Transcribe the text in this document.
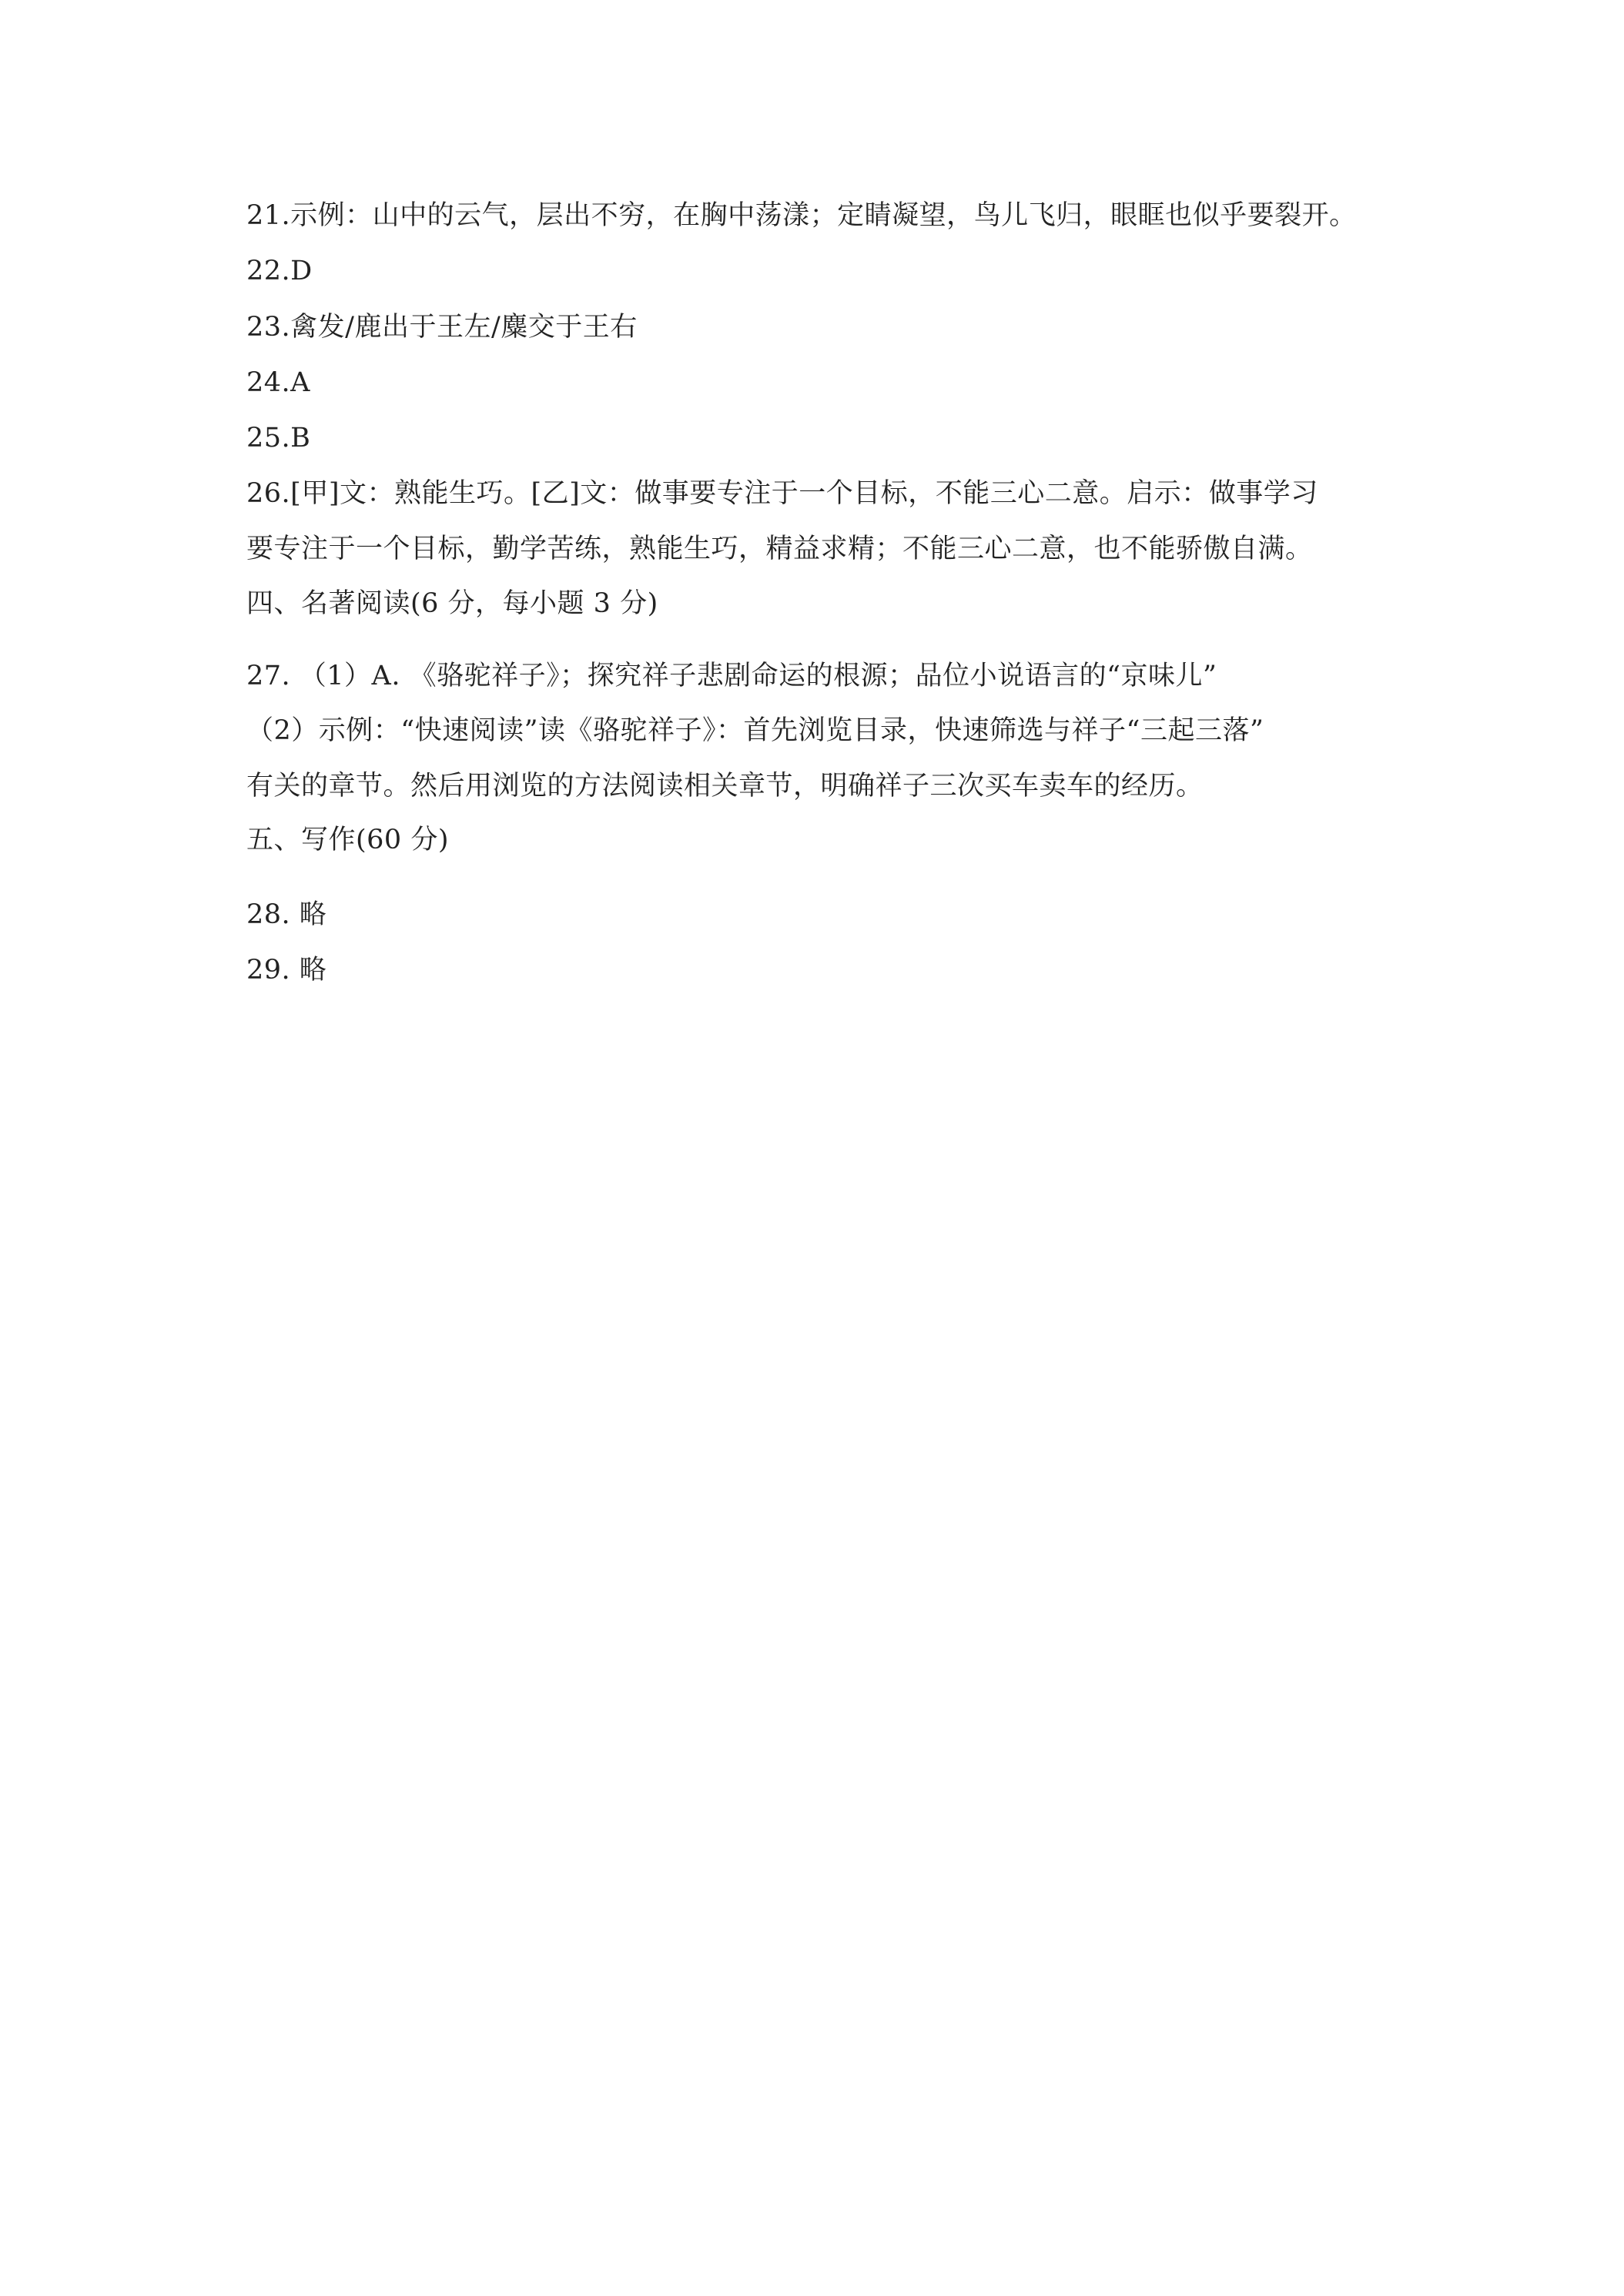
21.示例：山中的云气，层出不穷，在胸中荡漾；定睛凝望，鸟儿飞归，眼眶也似乎要裂开。
22.D
23.禽发/鹿出于王左/麋交于王右
24.A
25.B
26.[甲]文：熟能生巧。[乙]文：做事要专注于一个目标，不能三心二意。启示：做事学习
要专注于一个目标，勤学苦练，熟能生巧，精益求精；不能三心二意，也不能骄傲自满。
四、名著阅读(6 分，每小题 3 分)
27. （1）A. 《骆驼祥子》；探究祥子悲剧命运的根源；品位小说语言的“京味儿”
（2）示例：“快速阅读”读《骆驼祥子》：首先浏览目录，快速筛选与祥子“三起三落”
有关的章节。然后用浏览的方法阅读相关章节，明确祥子三次买车卖车的经历。
五、写作(60 分)
28. 略
29. 略
